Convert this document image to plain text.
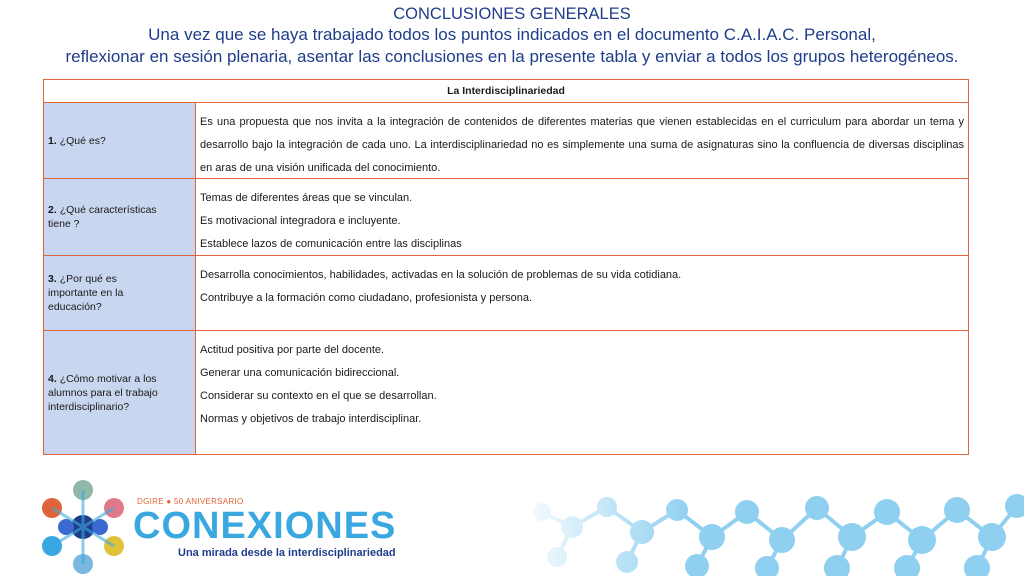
CONCLUSIONES GENERALES
Una vez que se haya trabajado todos los puntos indicados en el documento C.A.I.A.C. Personal,
reflexionar en sesión plenaria, asentar las conclusiones en la presente tabla y enviar a todos los grupos heterogéneos.
La Interdisciplinariedad
1. ¿Qué es?

Es una propuesta que nos invita a la integración de contenidos de diferentes materias que vienen establecidas en el curriculum para abordar un tema y desarrollo bajo la integración de cada uno. La interdisciplinariedad no es simplemente una suma de asignaturas sino la confluencia de diversas disciplinas en aras de una visión unificada del conocimiento.

2. ¿Qué características tiene ?

Temas de diferentes áreas que se vinculan.

Es motivacional integradora e incluyente.

Establece lazos de comunicación entre las disciplinas

3. ¿Por qué es importante en la educación?

Desarrolla conocimientos, habilidades, activadas en la solución de problemas de su vida cotidiana.

Contribuye a la formación como ciudadano, profesionista y persona.

4. ¿Cómo motivar a los alumnos para el trabajo interdisciplinario?

Actitud positiva por parte del docente.

Generar una comunicación bidireccional.

Considerar su contexto en el que se desarrollan.

Normas y objetivos de trabajo interdisciplinar.

DGIRE ● 50 ANIVERSARIO
CONEXIONES
Una mirada desde la interdisciplinariedad
